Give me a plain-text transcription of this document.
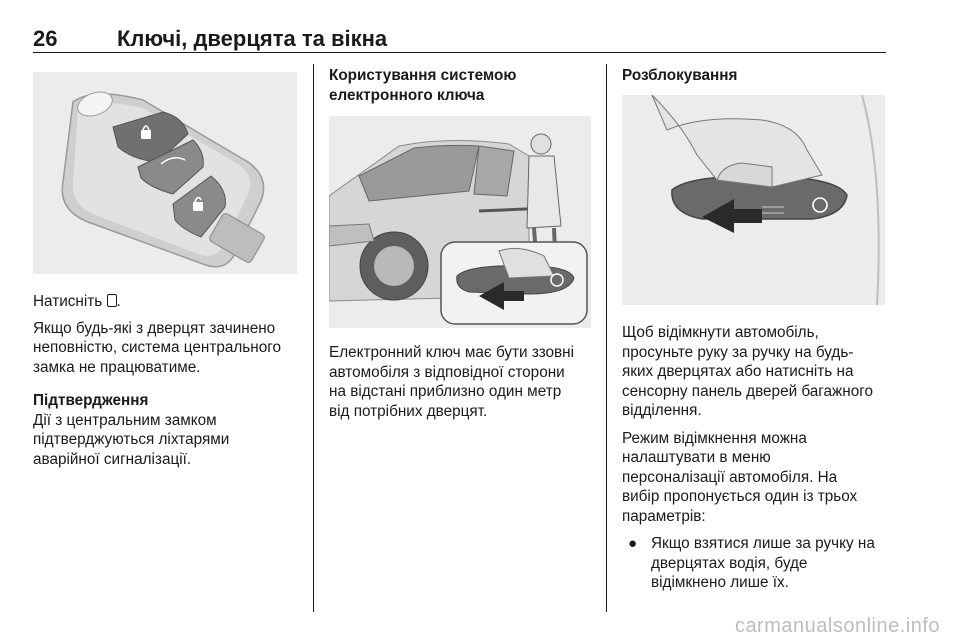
26	Ключі, дверцята та вікна

Натисніть .

Якщо будь-які з дверцят зачинено
неповністю, система центрального
замка не працюватиме.

Підтвердження

Дії з центральним замком
підтверджуються ліхтарями
аварійної сигналізації.

Користування системою
електронного ключа

Електронний ключ має бути ззовні
автомобіля з відповідної сторони
на відстані приблизно один метр
від потрібних дверцят.

Розблокування

Щоб відімкнути автомобіль,
просуньте руку за ручку на будь-
яких дверцятах або натисніть на
сенсорну панель дверей багажного
відділення.

Режим відімкнення можна
налаштувати в меню
персоналізації автомобіля. На
вибір пропонується один із трьох
параметрів:

● Якщо взятися лише за ручку на
дверцятах водія, буде
відімкнено лише їх.
carmanualsonline.info
